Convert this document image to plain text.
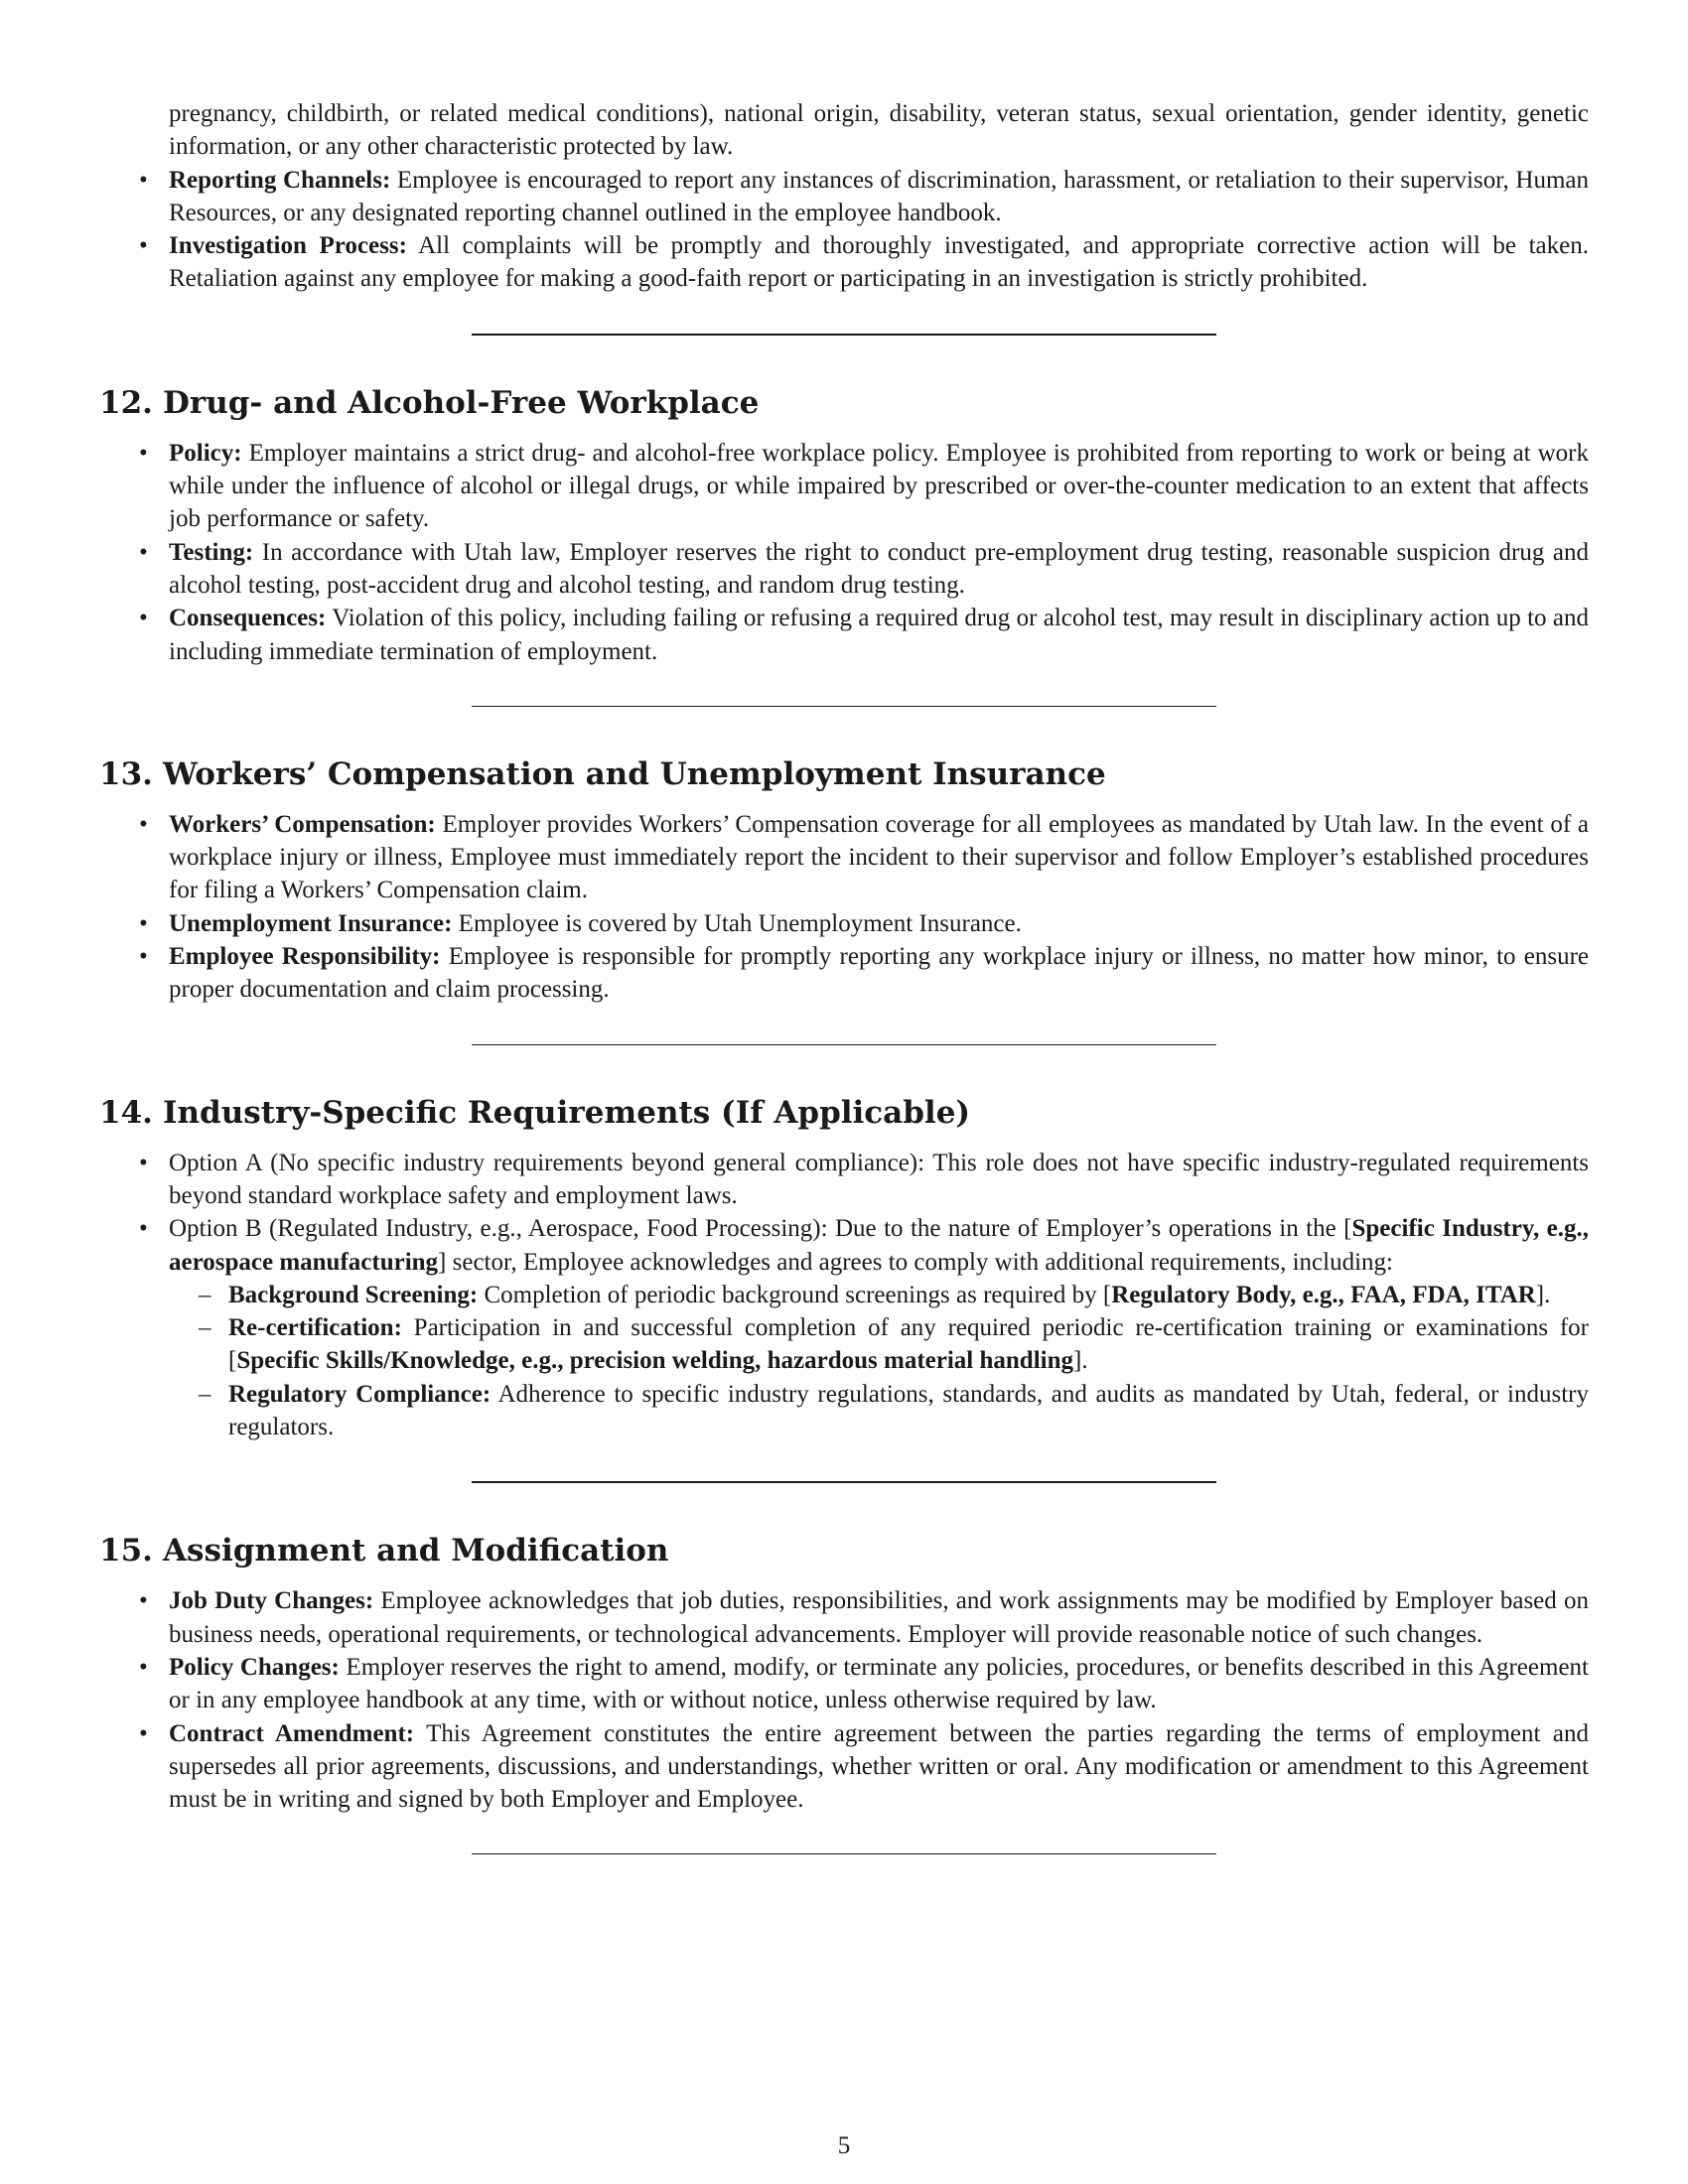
pregnancy, childbirth, or related medical conditions), national origin, disability, veteran status, sexual orientation, gender identity, genetic information, or any other characteristic protected by law.
• Reporting Channels: Employee is encouraged to report any instances of discrimination, harassment, or retaliation to their supervisor, Human Resources, or any designated reporting channel outlined in the employee handbook.
• Investigation Process: All complaints will be promptly and thoroughly investigated, and appropriate corrective action will be taken. Retaliation against any employee for making a good-faith report or participating in an investigation is strictly prohibited.
12. Drug- and Alcohol-Free Workplace
• Policy: Employer maintains a strict drug- and alcohol-free workplace policy. Employee is prohibited from reporting to work or being at work while under the influence of alcohol or illegal drugs, or while impaired by prescribed or over-the-counter medication to an extent that affects job performance or safety.
• Testing: In accordance with Utah law, Employer reserves the right to conduct pre-employment drug testing, reasonable suspicion drug and alcohol testing, post-accident drug and alcohol testing, and random drug testing.
• Consequences: Violation of this policy, including failing or refusing a required drug or alcohol test, may result in disciplinary action up to and including immediate termination of employment.
13. Workers’ Compensation and Unemployment Insurance
• Workers’ Compensation: Employer provides Workers’ Compensation coverage for all employees as mandated by Utah law. In the event of a workplace injury or illness, Employee must immediately report the incident to their supervisor and follow Employer’s established procedures for filing a Workers’ Compensation claim.
• Unemployment Insurance: Employee is covered by Utah Unemployment Insurance.
• Employee Responsibility: Employee is responsible for promptly reporting any workplace injury or illness, no matter how minor, to ensure proper documentation and claim processing.
14. Industry-Specific Requirements (If Applicable)
• Option A (No specific industry requirements beyond general compliance): This role does not have specific industry-regulated requirements beyond standard workplace safety and employment laws.
• Option B (Regulated Industry, e.g., Aerospace, Food Processing): Due to the nature of Employer’s operations in the [Specific Industry, e.g., aerospace manufacturing] sector, Employee acknowledges and agrees to comply with additional requirements, including:
– Background Screening: Completion of periodic background screenings as required by [Regulatory Body, e.g., FAA, FDA, ITAR].
– Re-certification: Participation in and successful completion of any required periodic re-certification training or examinations for [Specific Skills/Knowledge, e.g., precision welding, hazardous material handling].
– Regulatory Compliance: Adherence to specific industry regulations, standards, and audits as mandated by Utah, federal, or industry regulators.
15. Assignment and Modification
• Job Duty Changes: Employee acknowledges that job duties, responsibilities, and work assignments may be modified by Employer based on business needs, operational requirements, or technological advancements. Employer will provide reasonable notice of such changes.
• Policy Changes: Employer reserves the right to amend, modify, or terminate any policies, procedures, or benefits described in this Agreement or in any employee handbook at any time, with or without notice, unless otherwise required by law.
• Contract Amendment: This Agreement constitutes the entire agreement between the parties regarding the terms of employment and supersedes all prior agreements, discussions, and understandings, whether written or oral. Any modification or amendment to this Agreement must be in writing and signed by both Employer and Employee.
5
